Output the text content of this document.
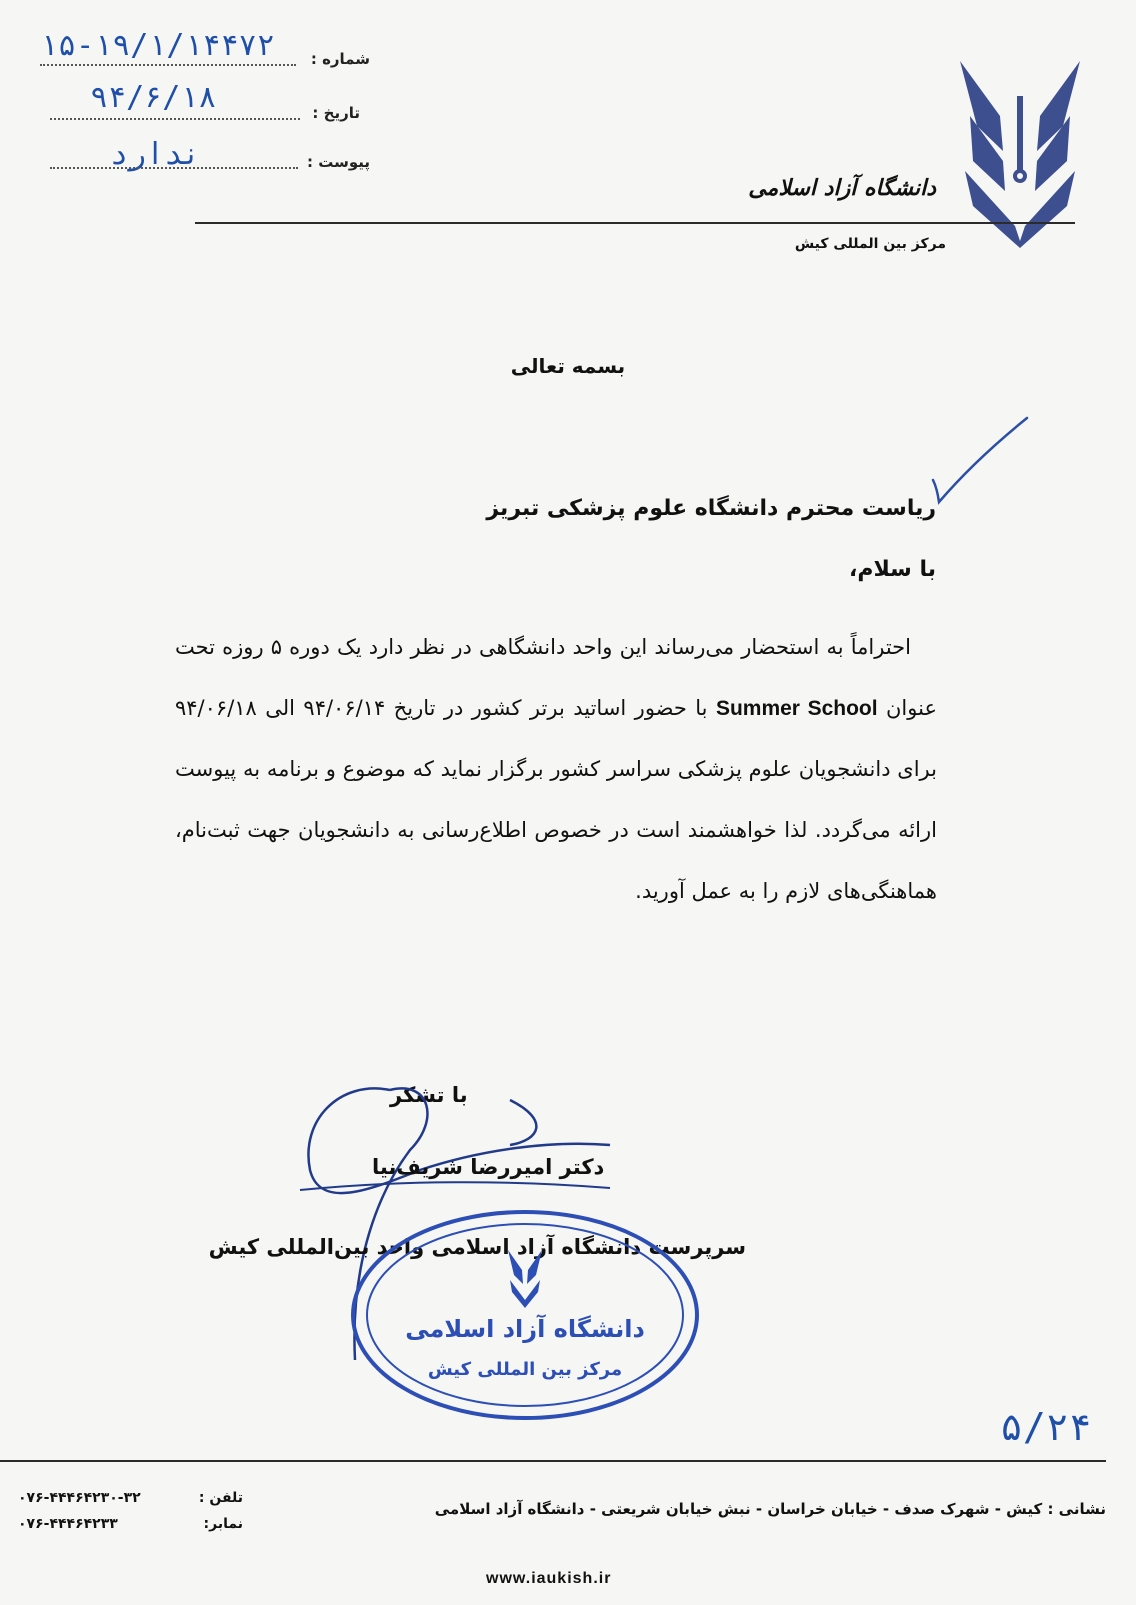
۱۵-۱۹/۱/۱۴۴۷۲ شماره :
۹۴/۶/۱۸	تاریخ :
ندارد	پیوست :
دانشگاه آزاد اسلامی
مرکز بین المللی کیش
بسمه تعالی
ریاست محترم دانشگاه علوم پزشکی تبریز
با سلام،
احتراماً به استحضار می‌رساند این واحد دانشگاهی در نظر دارد یک دوره ۵ روزه تحت عنوان Summer School با حضور اساتید برتر کشور در تاریخ ۹۴/۰۶/۱۴ الی ۹۴/۰۶/۱۸ برای دانشجویان علوم پزشکی سراسر کشور برگزار نماید که موضوع و برنامه به پیوست ارائه می‌گردد. لذا خواهشمند است در خصوص اطلاع‌رسانی به دانشجویان جهت ثبت‌نام، هماهنگی‌های لازم را به عمل آورید.
با تشکر
دکتر امیررضا شریف‌نیا
سرپرست دانشگاه آزاد اسلامی واحد بین‌المللی کیش
دانشگاه آزاد اسلامی
مرکز بین المللی کیش
۵/۲۴
نشانی : کیش - شهرک صدف - خیابان خراسان - نبش خیابان شریعتی - دانشگاه آزاد اسلامی
تلفن :
۰۷۶-۴۴۴۶۴۲۳۰-۳۲
نمابر:
۰۷۶-۴۴۴۶۴۲۳۳
www.iaukish.ir
